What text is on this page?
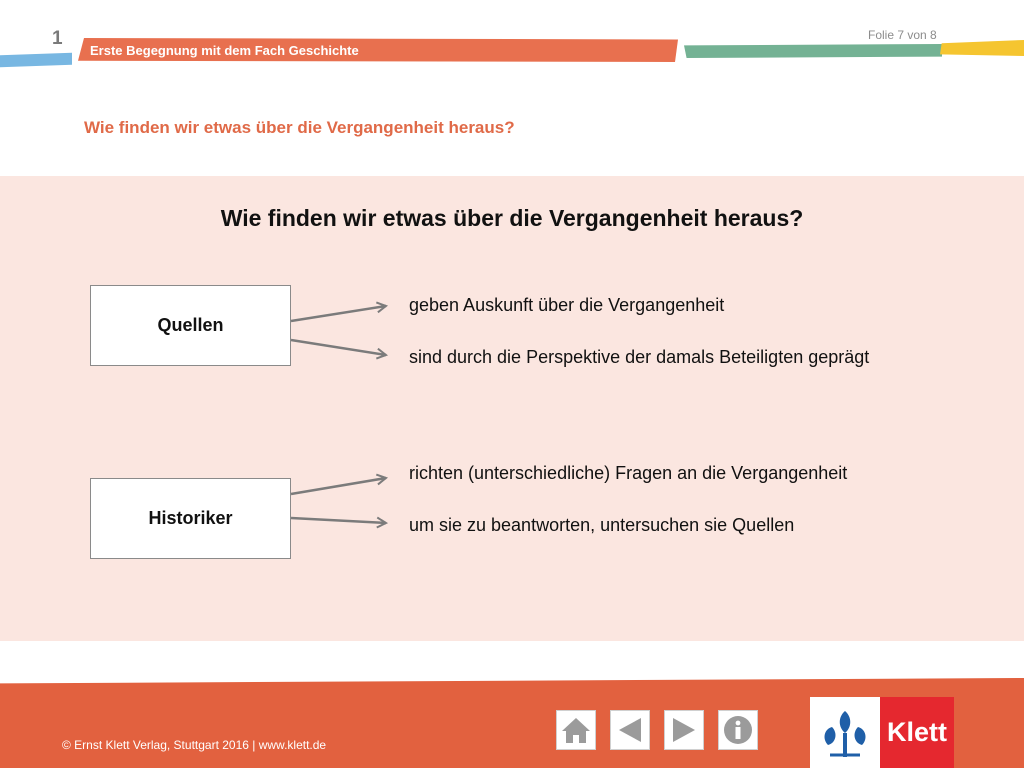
1
Erste Begegnung mit dem Fach Geschichte
Folie 7 von 8
Wie finden wir etwas über die Vergangenheit heraus?
Wie finden wir etwas über die Vergangenheit heraus?
Quellen
geben Auskunft über die Vergangenheit
sind durch die Perspektive der damals Beteiligten geprägt
Historiker
richten (unterschiedliche) Fragen an die Vergangenheit
um sie zu beantworten, untersuchen sie Quellen
© Ernst Klett Verlag, Stuttgart 2016 | www.klett.de	Klett
